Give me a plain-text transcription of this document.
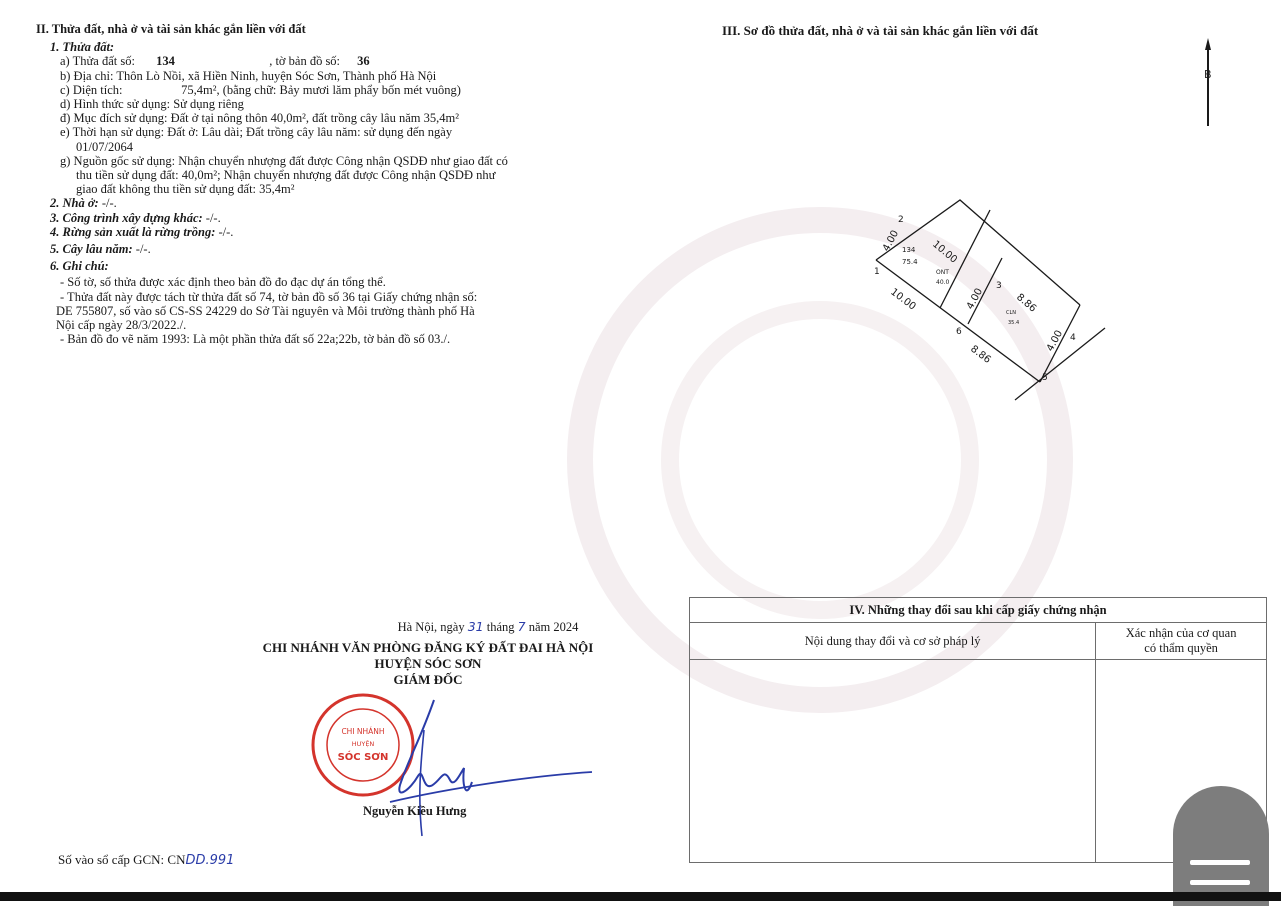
II. Thửa đất, nhà ở và tài sản khác gắn liền với đất
1. Thửa đất:
a) Thửa đất số: 134	, tờ bản đồ số: 36
b) Địa chỉ: Thôn Lò Nồi, xã Hiền Ninh, huyện Sóc Sơn, Thành phố Hà Nội
c) Diện tích:	75,4m², (bằng chữ: Bảy mươi lăm phẩy bốn mét vuông)
d) Hình thức sử dụng: Sử dụng riêng
đ) Mục đích sử dụng: Đất ở tại nông thôn 40,0m², đất trồng cây lâu năm 35,4m²
e) Thời hạn sử dụng: Đất ở: Lâu dài; Đất trồng cây lâu năm: sử dụng đến ngày
01/07/2064
g) Nguồn gốc sử dụng: Nhận chuyển nhượng đất được Công nhận QSDĐ như giao đất có
thu tiền sử dụng đất: 40,0m²; Nhận chuyển nhượng đất được Công nhận QSDĐ như
giao đất không thu tiền sử dụng đất: 35,4m²
2. Nhà ở: -/-.
3. Công trình xây dựng khác: -/-.
4. Rừng sản xuất là rừng trồng: -/-.
5. Cây lâu năm: -/-.
6. Ghi chú:
- Số tờ, số thửa được xác định theo bản đồ đo đạc dự án tổng thể.
- Thửa đất này được tách từ thửa đất số 74, tờ bản đồ số 36 tại Giấy chứng nhận số:
DE 755807, số vào số CS-SS 24229 do Sở Tài nguyên và Môi trường thành phố Hà
Nội cấp ngày 28/3/2022./.
- Bản đồ đo vẽ năm 1993: Là một phần thửa đất số 22a;22b, tờ bản đồ số 03./.
III. Sơ đồ thửa đất, nhà ở và tài sản khác gắn liền với đất
B
2
1
3
6
4
5
4.00	10.00
10.00	4.00	8.86
8.86
4.00
134
75.4
ONT
40.0
CLN
35.4
Hà Nội, ngày 31 tháng 7 năm 2024
CHI NHÁNH VĂN PHÒNG ĐĂNG KÝ ĐẤT ĐAI HÀ NỘI
HUYỆN SÓC SƠN
GIÁM ĐỐC
CHI NHÁNH
HUYỆN
SÓC SƠN
Nguyễn Kiều Hưng
Số vào sổ cấp GCN: CNDD.991
IV. Những thay đổi sau khi cấp giấy chứng nhận	
Nội dung thay đổi và cơ sở pháp lý	Xác nhận của cơ quan
có thẩm quyền
